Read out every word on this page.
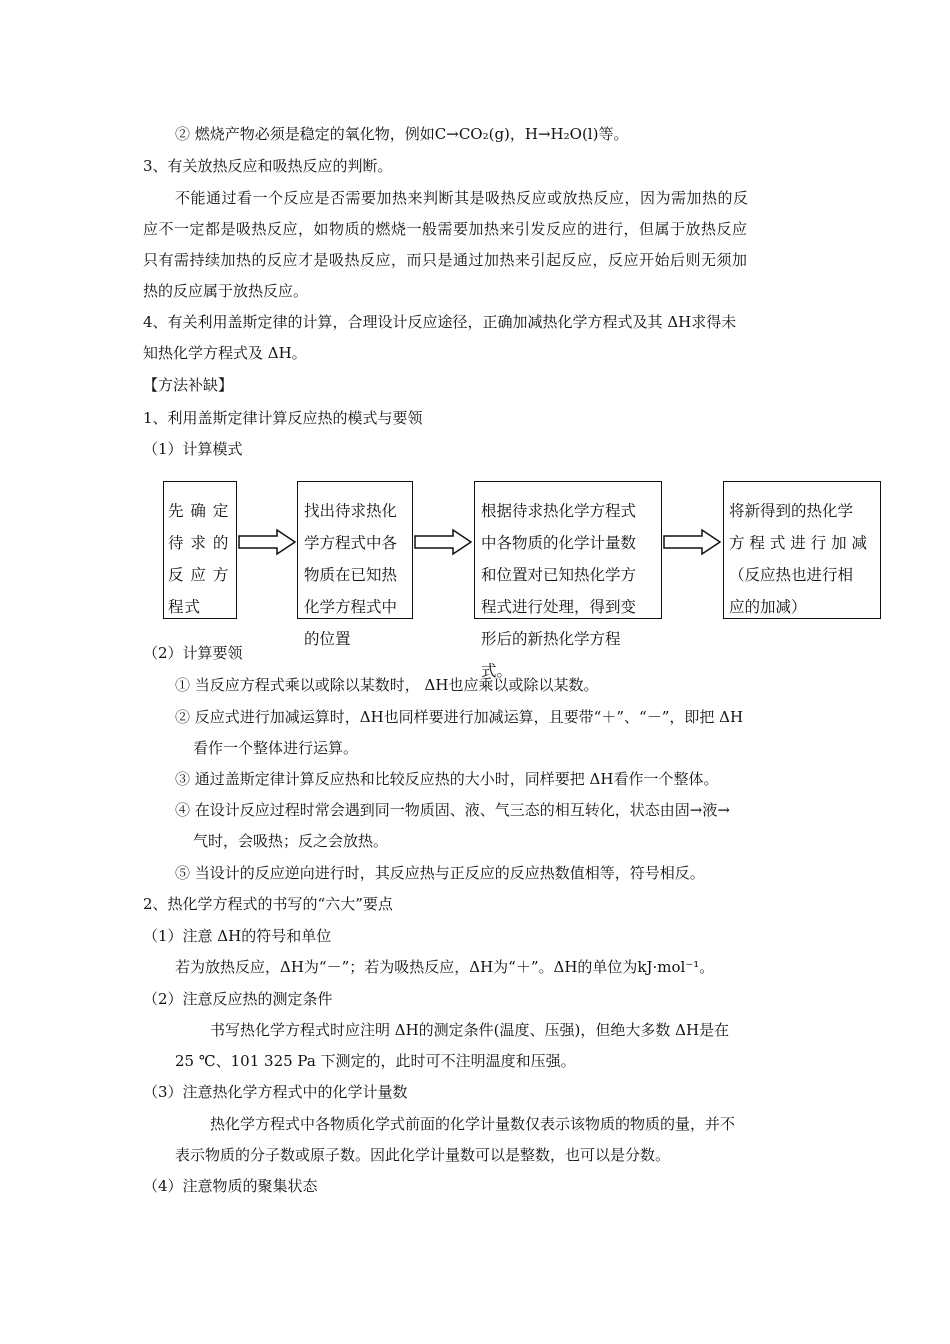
② 燃烧产物必须是稳定的氧化物，例如C→CO₂(g)，H→H₂O(l)等。
3、有关放热反应和吸热反应的判断。
不能通过看一个反应是否需要加热来判断其是吸热反应或放热反应，因为需加热的反
应不一定都是吸热反应，如物质的燃烧一般需要加热来引发反应的进行，但属于放热反应
只有需持续加热的反应才是吸热反应，而只是通过加热来引起反应，反应开始后则无须加
热的反应属于放热反应。
4、有关利用盖斯定律的计算，合理设计反应途径，正确加减热化学方程式及其 ΔH求得未
知热化学方程式及 ΔH。
【方法补缺】
1、利用盖斯定律计算反应热的模式与要领
（1）计算模式
先 确 定
待 求 的
反 应 方
程式
找出待求热化
学方程式中各
物质在已知热
化学方程式中
的位置
根据待求热化学方程式
中各物质的化学计量数
和位置对已知热化学方
程式进行处理，得到变
形后的新热化学方程
式。
将新得到的热化学
方 程 式 进 行 加 减
（反应热也进行相
应的加减）
（2）计算要领
① 当反应方程式乘以或除以某数时， ΔH也应乘以或除以某数。
② 反应式进行加减运算时，ΔH也同样要进行加减运算，且要带“＋”、“－”，即把 ΔH
看作一个整体进行运算。
③ 通过盖斯定律计算反应热和比较反应热的大小时，同样要把 ΔH看作一个整体。
④ 在设计反应过程时常会遇到同一物质固、液、气三态的相互转化，状态由固→液→
气时，会吸热；反之会放热。
⑤ 当设计的反应逆向进行时，其反应热与正反应的反应热数值相等，符号相反。
2、热化学方程式的书写的“六大”要点
（1）注意 ΔH的符号和单位
若为放热反应，ΔH为“－”；若为吸热反应，ΔH为“＋”。ΔH的单位为kJ·mol⁻¹。
（2）注意反应热的测定条件
书写热化学方程式时应注明 ΔH的测定条件(温度、压强)，但绝大多数 ΔH是在
25 ℃、101 325 Pa 下测定的，此时可不注明温度和压强。
（3）注意热化学方程式中的化学计量数
热化学方程式中各物质化学式前面的化学计量数仅表示该物质的物质的量，并不
表示物质的分子数或原子数。因此化学计量数可以是整数，也可以是分数。
（4）注意物质的聚集状态
